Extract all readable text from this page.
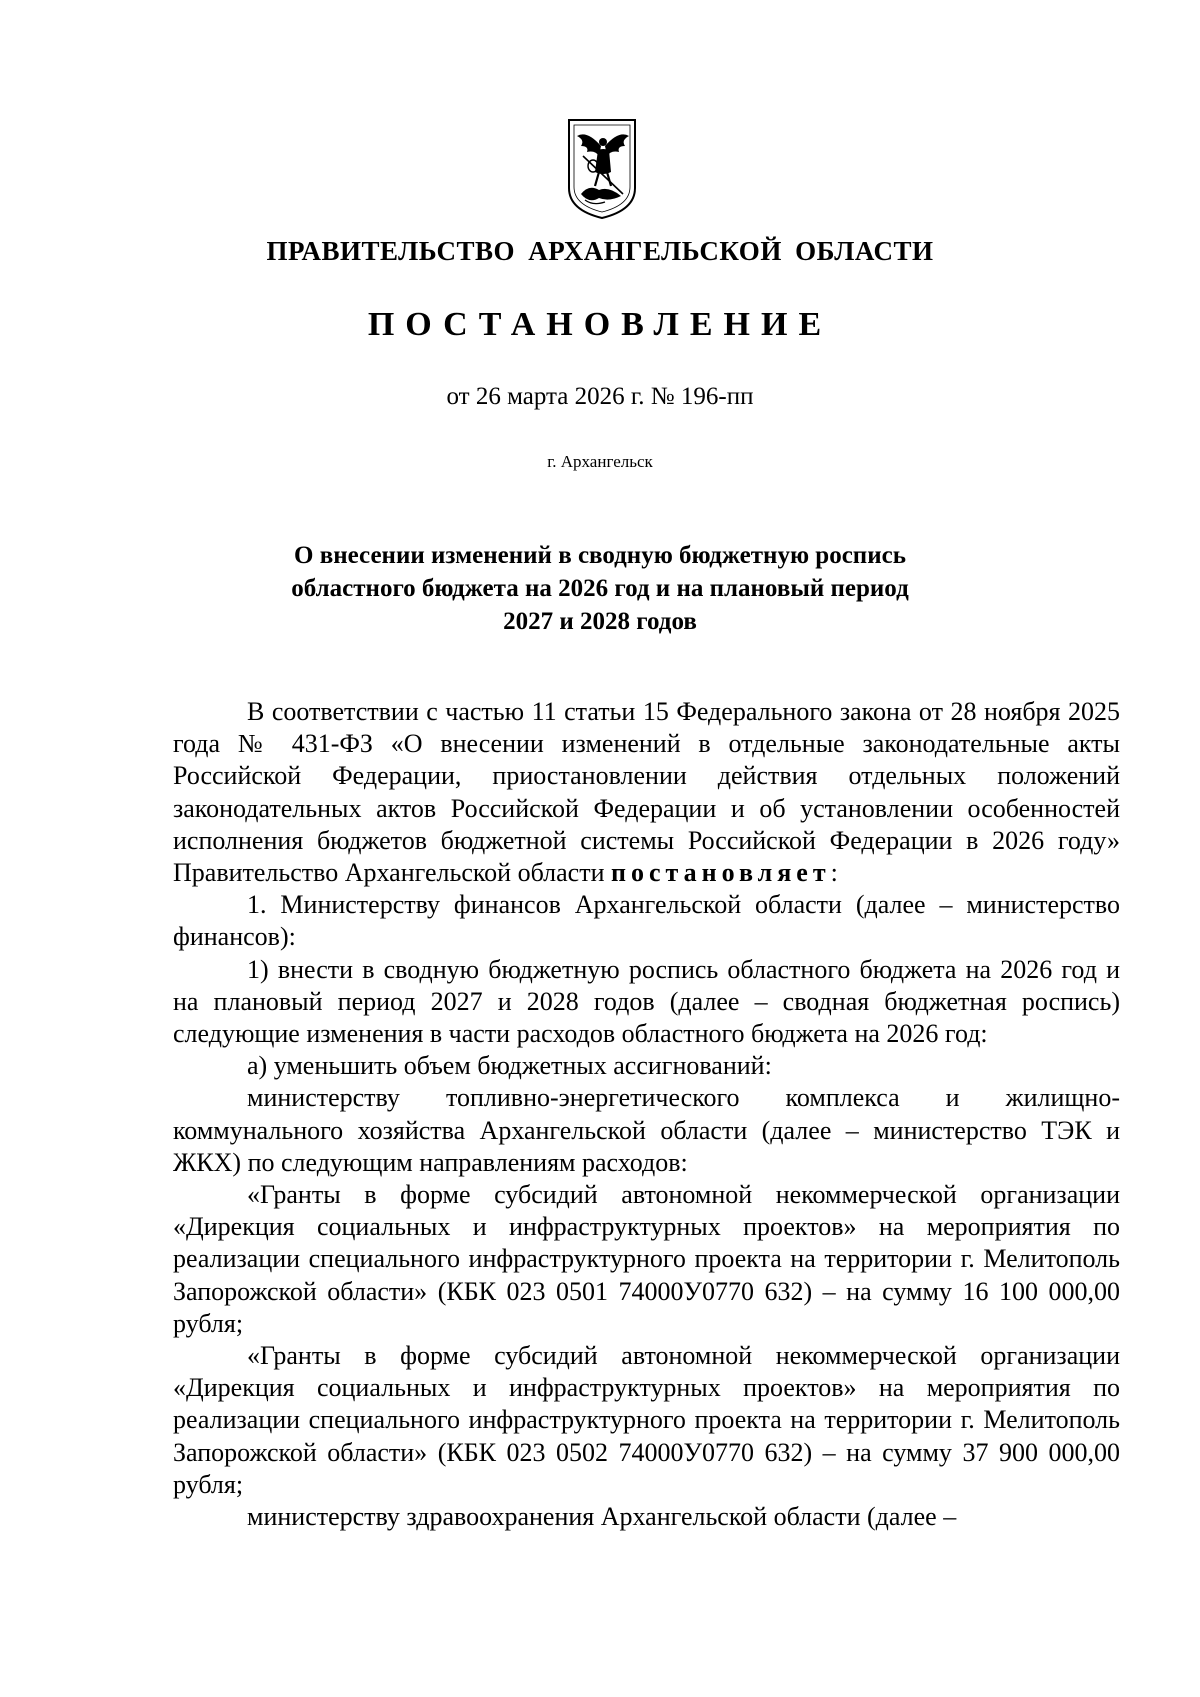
ПРАВИТЕЛЬСТВО АРХАНГЕЛЬСКОЙ ОБЛАСТИ
ПОСТАНОВЛЕНИЕ
от 26 марта 2026 г. № 196-пп
г. Архангельск
О внесении изменений в сводную бюджетную роспись
областного бюджета на 2026 год и на плановый период
2027 и 2028 годов

В соответствии с частью 11 статьи 15 Федерального закона от 28 ноября 2025 года № 431-ФЗ «О внесении изменений в отдельные законодательные акты Российской Федерации, приостановлении действия отдельных положений законодательных актов Российской Федерации и об установлении особенностей исполнения бюджетов бюджетной системы Российской Федерации в 2026 году» Правительство Архангельской области постановляет:

1. Министерству финансов Архангельской области (далее – министерство финансов):

1) внести в сводную бюджетную роспись областного бюджета на 2026 год и на плановый период 2027 и 2028 годов (далее – сводная бюджетная роспись) следующие изменения в части расходов областного бюджета на 2026 год:

а) уменьшить объем бюджетных ассигнований:

министерству топливно-энергетического комплекса и жилищно-коммунального хозяйства Архангельской области (далее – министерство ТЭК и ЖКХ) по следующим направлениям расходов:

«Гранты в форме субсидий автономной некоммерческой организации «Дирекция социальных и инфраструктурных проектов» на мероприятия по реализации специального инфраструктурного проекта на территории г. Мелитополь Запорожской области» (КБК 023 0501 74000У0770 632) – на сумму 16 100 000,00 рубля;

«Гранты в форме субсидий автономной некоммерческой организации «Дирекция социальных и инфраструктурных проектов» на мероприятия по реализации специального инфраструктурного проекта на территории г. Мелитополь Запорожской области» (КБК 023 0502 74000У0770 632) – на сумму 37 900 000,00 рубля;

министерству здравоохранения Архангельской области (далее –
